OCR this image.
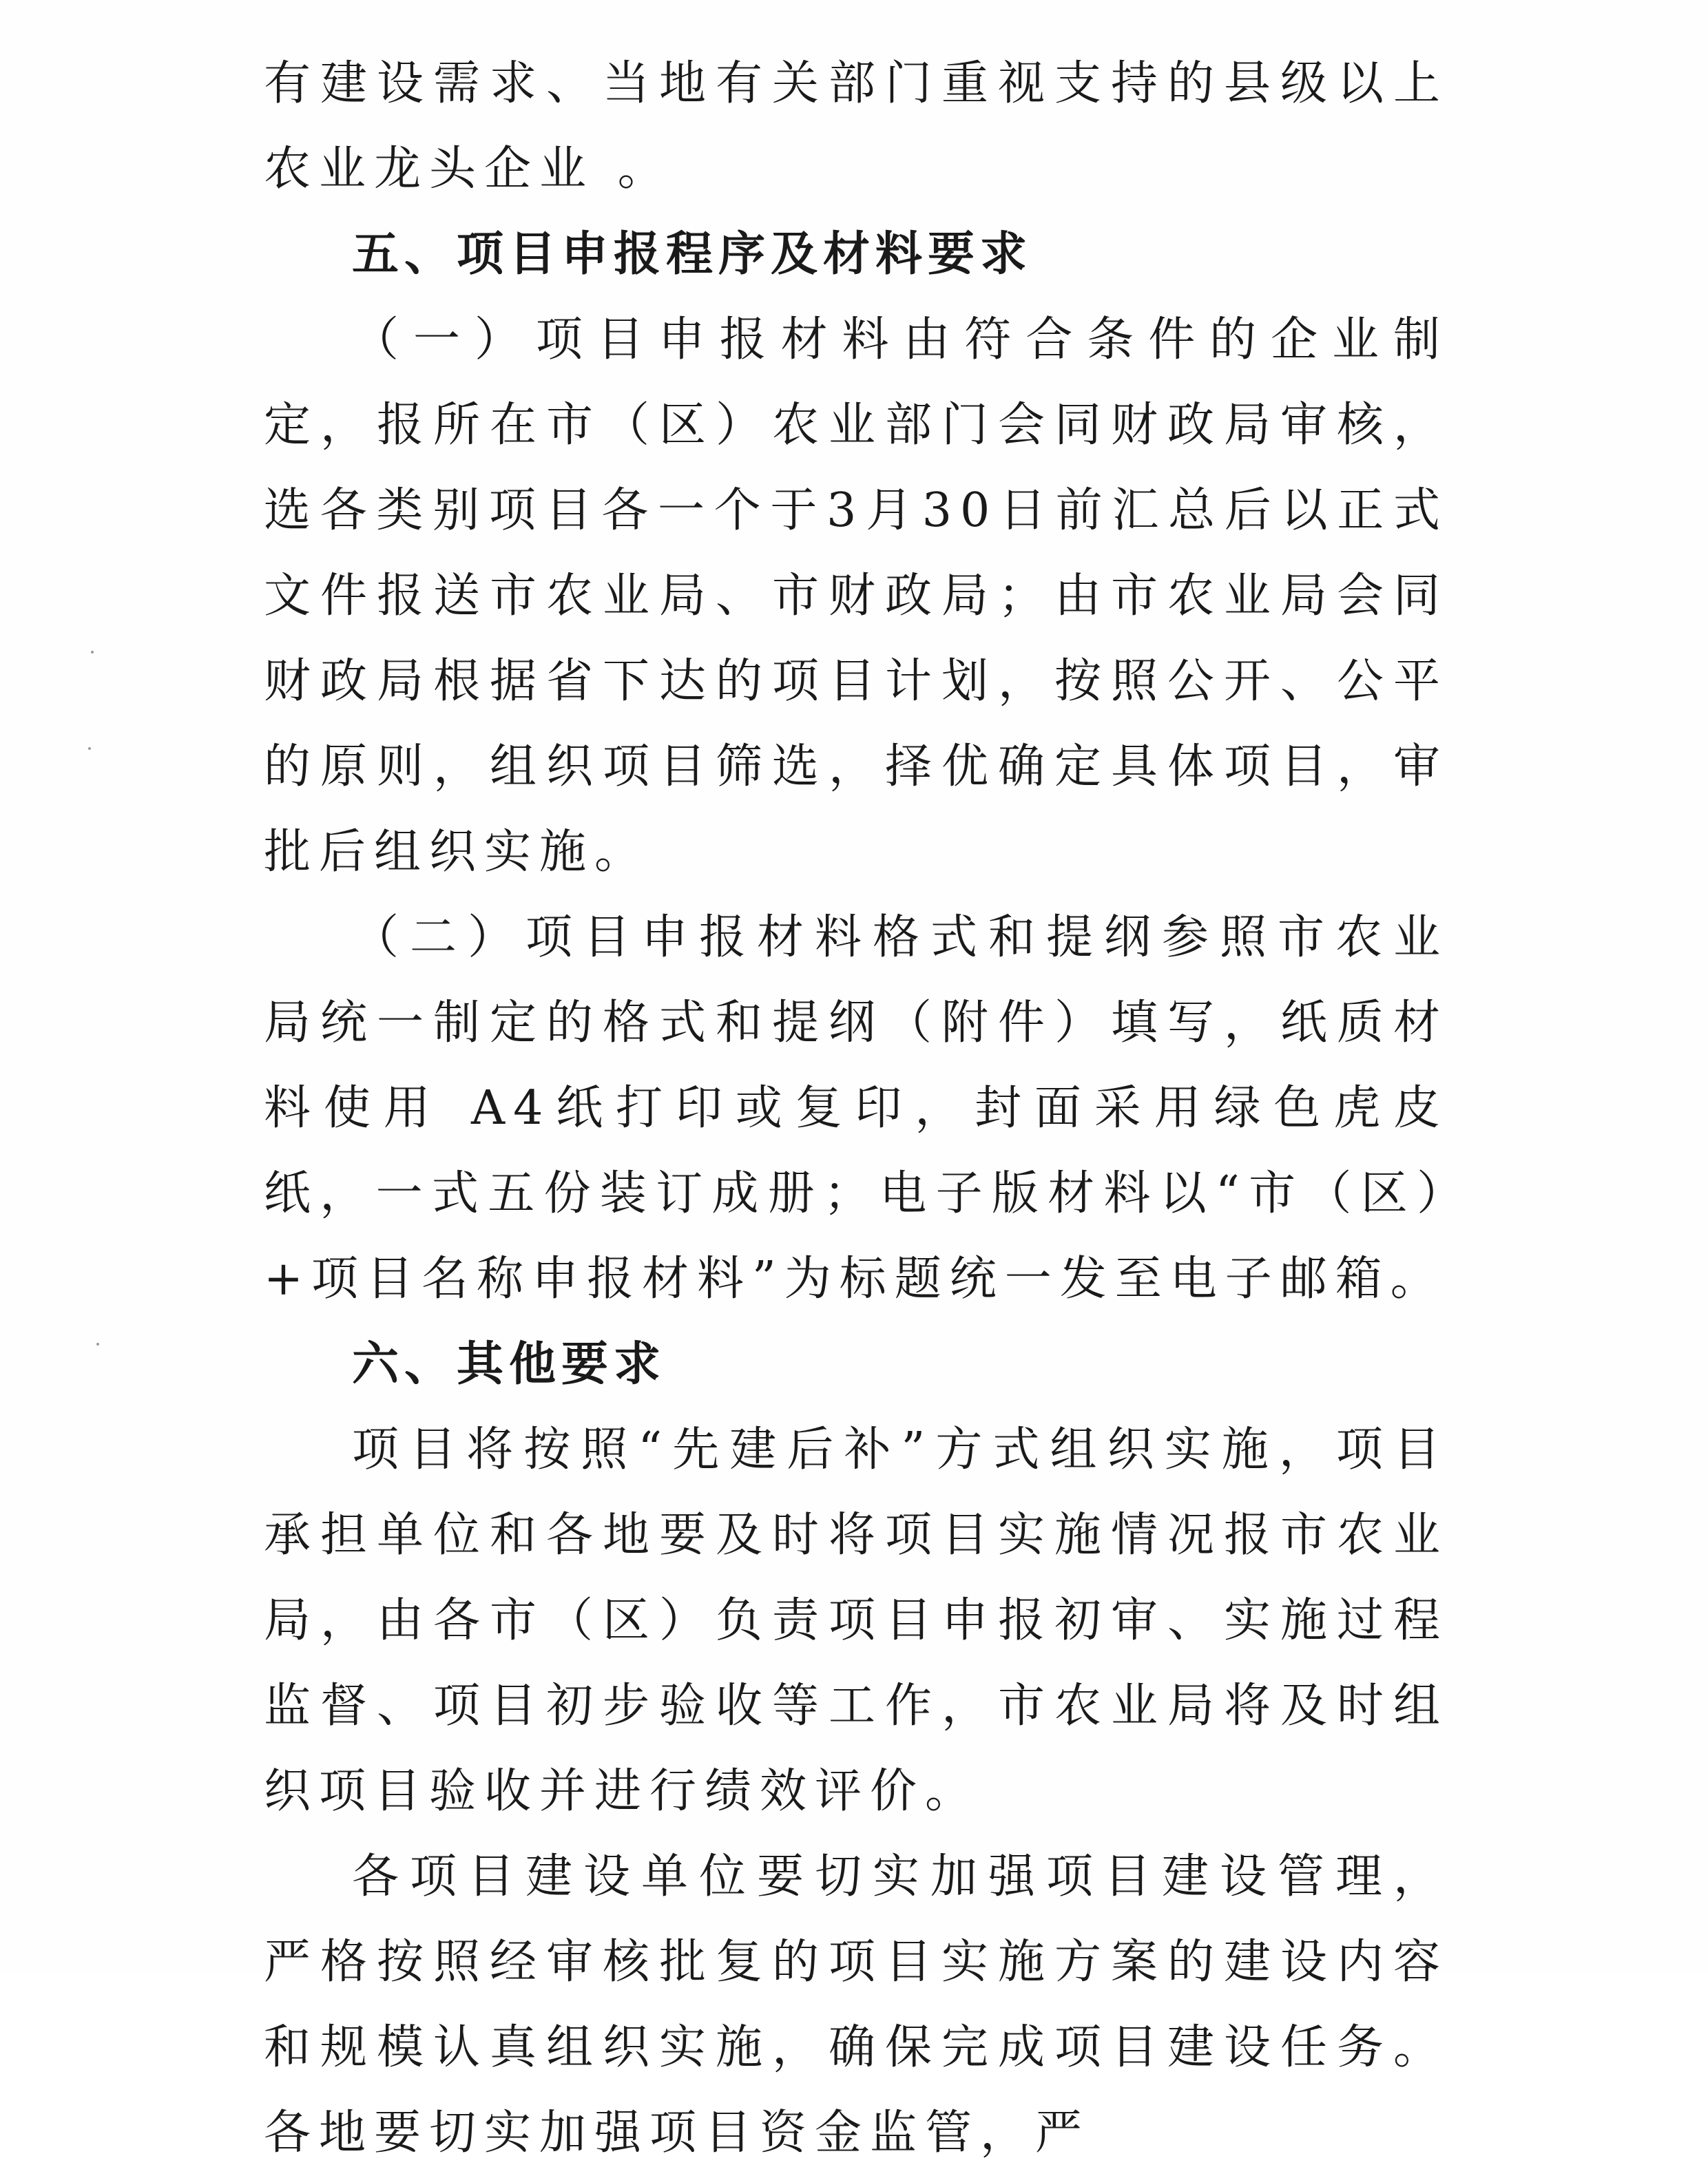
有建设需求、当地有关部门重视支持的县级以上农业龙头企业 。

五、项目申报程序及材料要求

（一）项目申报材料由符合条件的企业制定，报所在市（区）农业部门会同财政局审核，选各类别项目各一个于3月30日前汇总后以正式文件报送市农业局、市财政局；由市农业局会同财政局根据省下达的项目计划，按照公开、公平的原则，组织项目筛选，择优确定具体项目，审批后组织实施。

（二）项目申报材料格式和提纲参照市农业局统一制定的格式和提纲（附件）填写，纸质材料使用 A4纸打印或复印，封面采用绿色虎皮纸，一式五份装订成册；电子版材料以“市（区）+项目名称申报材料”为标题统一发至电子邮箱。

六、其他要求

项目将按照“先建后补”方式组织实施，项目承担单位和各地要及时将项目实施情况报市农业局，由各市（区）负责项目申报初审、实施过程监督、项目初步验收等工作，市农业局将及时组织项目验收并进行绩效评价。

各项目建设单位要切实加强项目建设管理，严格按照经审核批复的项目实施方案的建设内容和规模认真组织实施，确保完成项目建设任务。各地要切实加强项目资金监管，严
